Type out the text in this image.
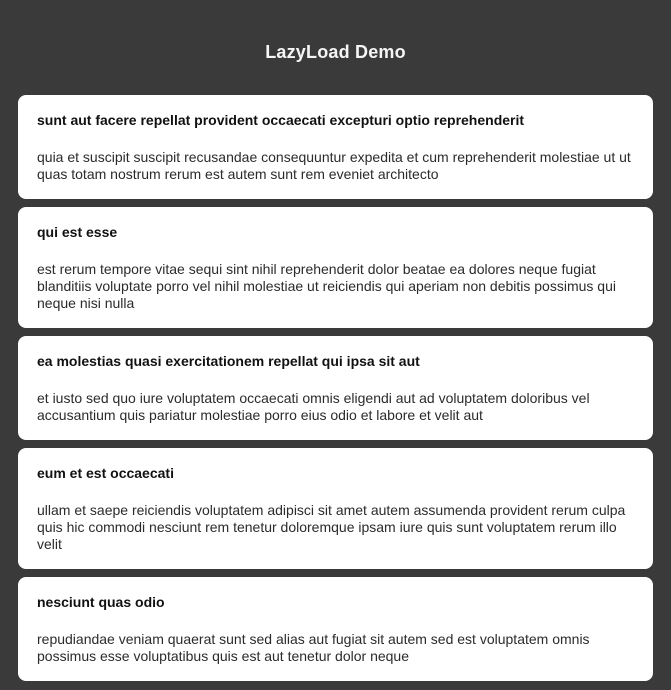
LazyLoad Demo
sunt aut facere repellat provident occaecati excepturi optio reprehenderit
quia et suscipit suscipit recusandae consequuntur expedita et cum reprehenderit molestiae ut ut quas totam nostrum rerum est autem sunt rem eveniet architecto
qui est esse
est rerum tempore vitae sequi sint nihil reprehenderit dolor beatae ea dolores neque fugiat blanditiis voluptate porro vel nihil molestiae ut reiciendis qui aperiam non debitis possimus qui neque nisi nulla
ea molestias quasi exercitationem repellat qui ipsa sit aut
et iusto sed quo iure voluptatem occaecati omnis eligendi aut ad voluptatem doloribus vel accusantium quis pariatur molestiae porro eius odio et labore et velit aut
eum et est occaecati
ullam et saepe reiciendis voluptatem adipisci sit amet autem assumenda provident rerum culpa quis hic commodi nesciunt rem tenetur doloremque ipsam iure quis sunt voluptatem rerum illo velit
nesciunt quas odio
repudiandae veniam quaerat sunt sed alias aut fugiat sit autem sed est voluptatem omnis possimus esse voluptatibus quis est aut tenetur dolor neque
